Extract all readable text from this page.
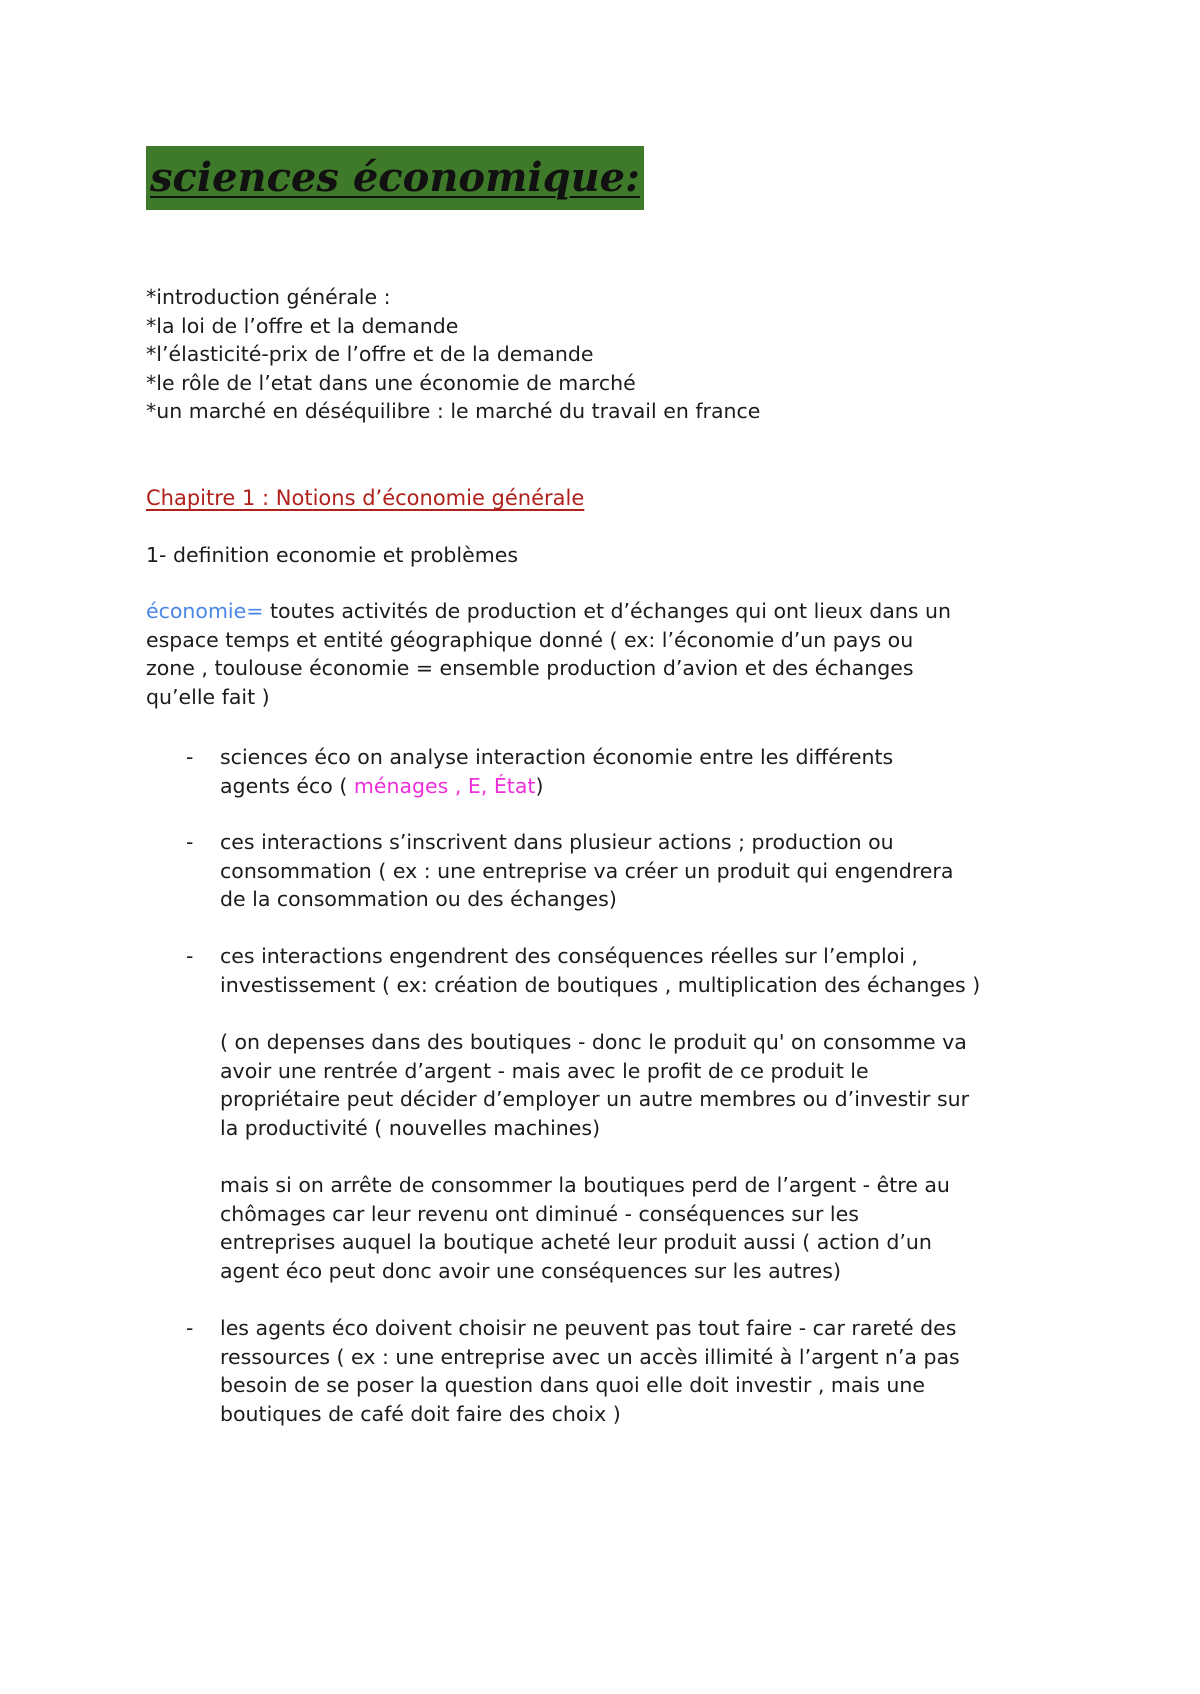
sciences économique:
*introduction générale :
*la loi de l’offre et la demande
*l’élasticité-prix de l’offre et de la demande
*le rôle de l’etat dans une économie de marché
*un marché en déséquilibre : le marché du travail en france
Chapitre 1 : Notions d’économie générale
1- definition economie et problèmes
économie= toutes activités de production et d’échanges qui ont lieux dans un
espace temps et entité géographique donné ( ex: l’économie d’un pays ou
zone , toulouse économie = ensemble production d’avion et des échanges
qu’elle fait )
- sciences éco on analyse interaction économie entre les différents
agents éco ( ménages , E, État)
- ces interactions s’inscrivent dans plusieur actions ; production ou
consommation ( ex : une entreprise va créer un produit qui engendrera
de la consommation ou des échanges)
- ces interactions engendrent des conséquences réelles sur l’emploi ,
investissement ( ex: création de boutiques , multiplication des échanges )
( on depenses dans des boutiques - donc le produit qu' on consomme va
avoir une rentrée d’argent - mais avec le profit de ce produit le
propriétaire peut décider d’employer un autre membres ou d’investir sur
la productivité ( nouvelles machines)
mais si on arrête de consommer la boutiques perd de l’argent - être au
chômages car leur revenu ont diminué - conséquences sur les
entreprises auquel la boutique acheté leur produit aussi ( action d’un
agent éco peut donc avoir une conséquences sur les autres)
- les agents éco doivent choisir ne peuvent pas tout faire - car rareté des
ressources ( ex : une entreprise avec un accès illimité à l’argent n’a pas
besoin de se poser la question dans quoi elle doit investir , mais une
boutiques de café doit faire des choix )
